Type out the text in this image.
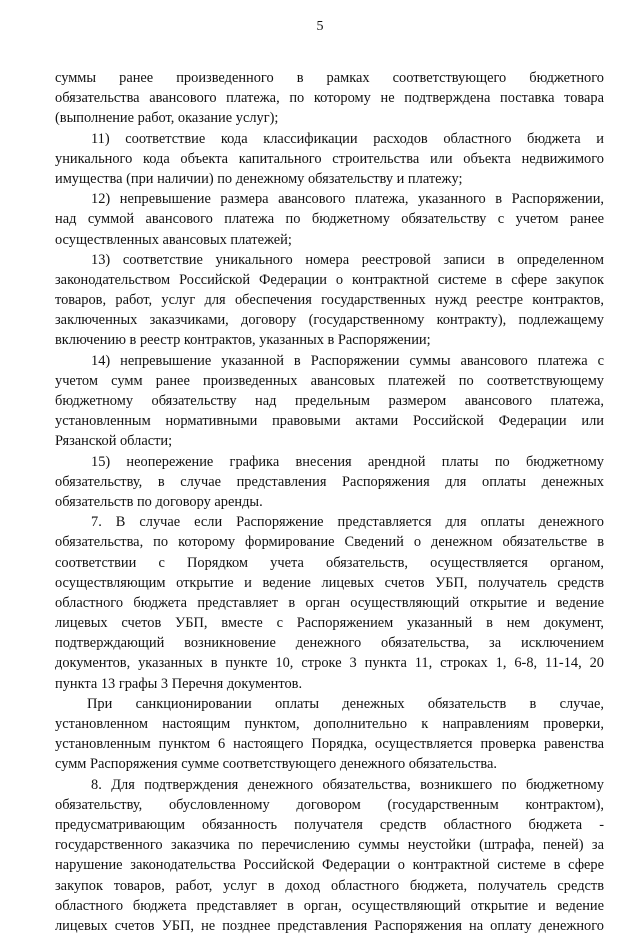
5
суммы ранее произведенного в рамках соответствующего бюджетного
обязательства авансового платежа, по которому не подтверждена поставка товара
(выполнение работ, оказание услуг);
11) соответствие кода классификации расходов областного бюджета и
уникального кода объекта капитального строительства или объекта недвижимого
имущества (при наличии) по денежному обязательству и платежу;
12) непревышение размера авансового платежа, указанного в Распоряжении,
над суммой авансового платежа по бюджетному обязательству с учетом ранее
осуществленных авансовых платежей;
13) соответствие уникального номера реестровой записи в определенном
законодательством Российской Федерации о контрактной системе в сфере закупок
товаров, работ, услуг для обеспечения государственных нужд реестре контрактов,
заключенных заказчиками, договору (государственному контракту), подлежащему
включению в реестр контрактов, указанных в Распоряжении;
14) непревышение указанной в Распоряжении суммы авансового платежа с
учетом сумм ранее произведенных авансовых платежей по соответствующему
бюджетному обязательству над предельным размером авансового платежа,
установленным нормативными правовыми актами Российской Федерации или
Рязанской области;
15) неопережение графика внесения арендной платы по бюджетному
обязательству, в случае представления Распоряжения для оплаты денежных
обязательств по договору аренды.
7. В случае если Распоряжение представляется для оплаты денежного
обязательства, по которому формирование Сведений о денежном обязательстве в
соответствии с Порядком учета обязательств, осуществляется органом,
осуществляющим открытие и ведение лицевых счетов УБП, получатель средств
областного бюджета представляет в орган осуществляющий открытие и ведение
лицевых счетов УБП, вместе с Распоряжением указанный в нем документ,
подтверждающий возникновение денежного обязательства, за исключением
документов, указанных в пункте 10, строке 3 пункта 11, строках 1, 6-8, 11-14, 20
пункта 13 графы 3 Перечня документов.
При санкционировании оплаты денежных обязательств в случае,
установленном настоящим пунктом, дополнительно к направлениям проверки,
установленным пунктом 6 настоящего Порядка, осуществляется проверка равенства
сумм Распоряжения сумме соответствующего денежного обязательства.
8. Для подтверждения денежного обязательства, возникшего по бюджетному
обязательству, обусловленному договором (государственным контрактом),
предусматривающим обязанность получателя средств областного бюджета -
государственного заказчика по перечислению суммы неустойки (штрафа, пеней) за
нарушение законодательства Российской Федерации о контрактной системе в сфере
закупок товаров, работ, услуг в доход областного бюджета, получатель средств
областного бюджета представляет в орган, осуществляющий открытие и ведение
лицевых счетов УБП, не позднее представления Распоряжения на оплату денежного
